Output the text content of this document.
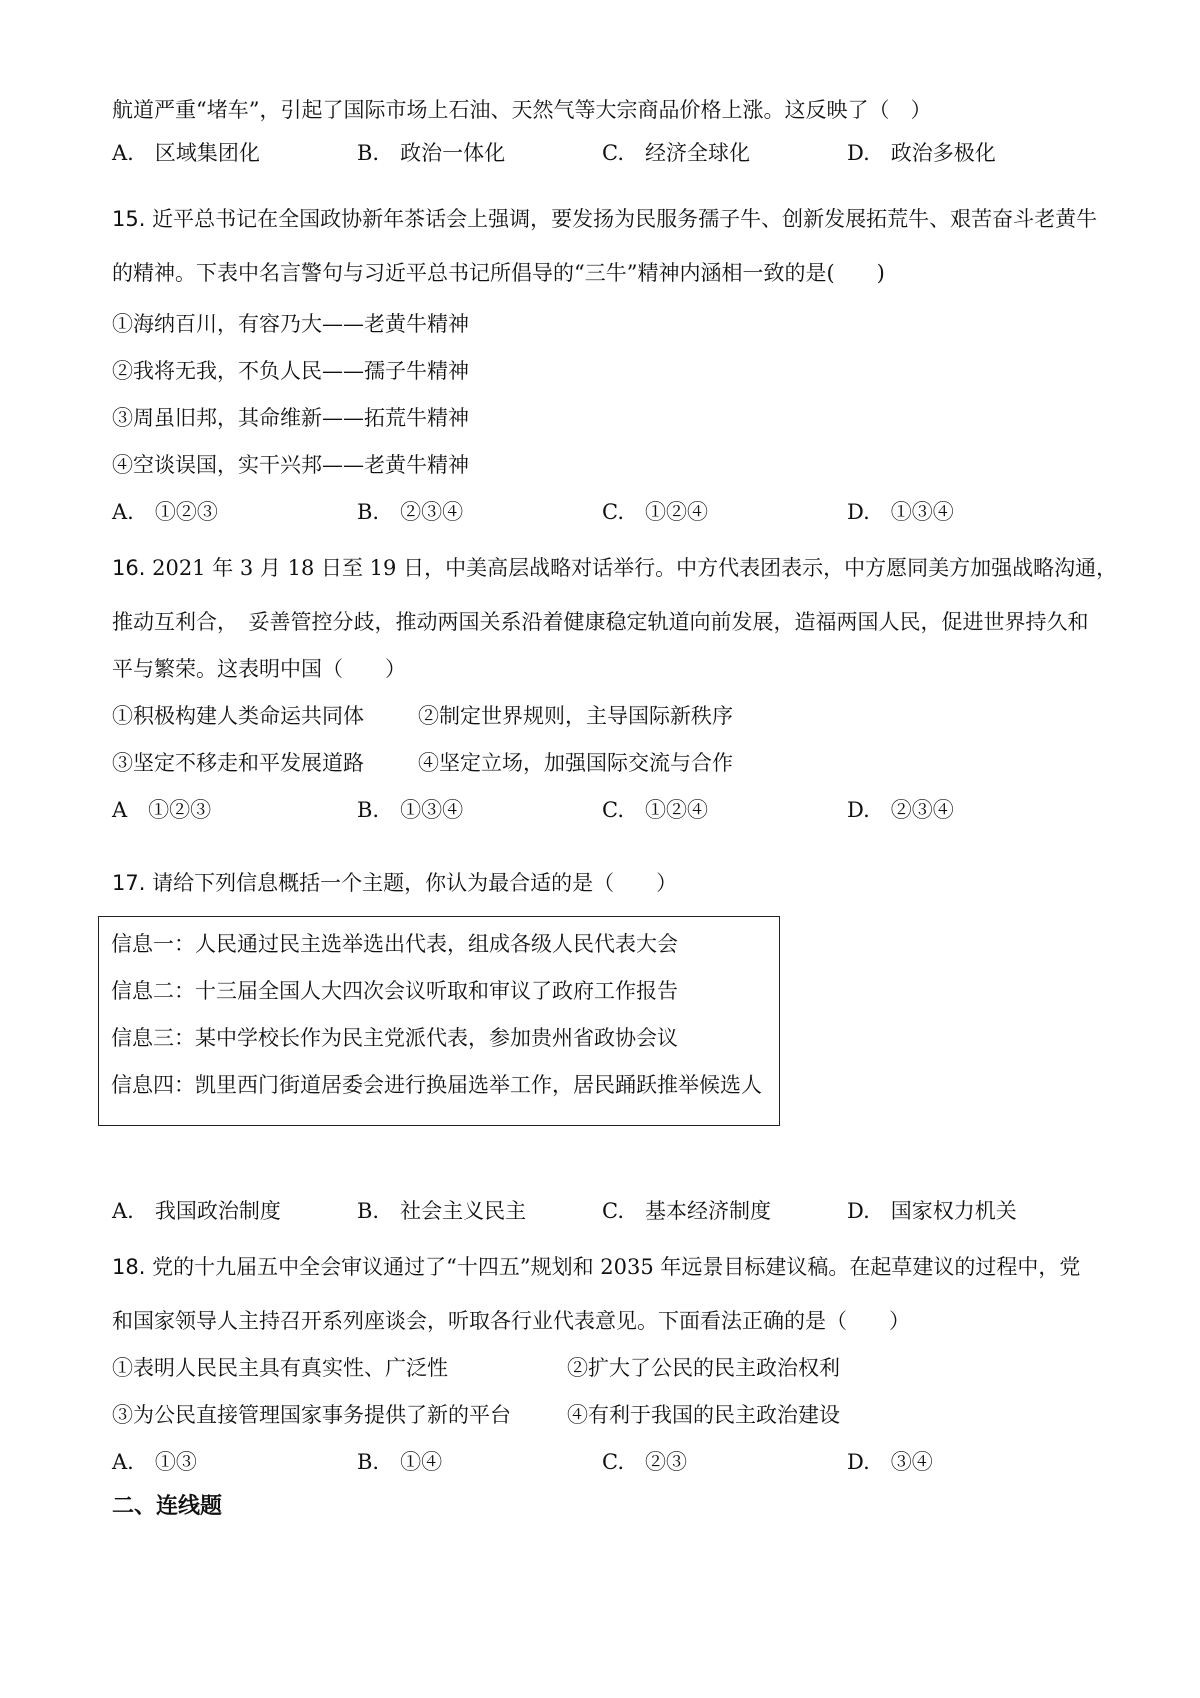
航道严重“堵车”，引起了国际市场上石油、天然气等大宗商品价格上涨。这反映了（　）
A.　区域集团化	B.　政治一体化	C.　经济全球化	D.　政治多极化
15. 近平总书记在全国政协新年茶话会上强调，要发扬为民服务孺子牛、创新发展拓荒牛、艰苦奋斗老黄牛
的精神。下表中名言警句与习近平总书记所倡导的“三牛”精神内涵相一致的是(　　)
①海纳百川，有容乃大——老黄牛精神
②我将无我，不负人民——孺子牛精神
③周虽旧邦，其命维新——拓荒牛精神
④空谈误国，实干兴邦——老黄牛精神
A.　①②③	B.　②③④	C.　①②④	D.　①③④
16. 2021 年 3 月 18 日至 19 日，中美高层战略对话举行。中方代表团表示，中方愿同美方加强战略沟通，
推动互利合，　妥善管控分歧，推动两国关系沿着健康稳定轨道向前发展，造福两国人民，促进世界持久和
平与繁荣。这表明中国（　　）
①积极构建人类命运共同体	②制定世界规则，主导国际新秩序
③坚定不移走和平发展道路	④坚定立场，加强国际交流与合作
A　①②③	B.　①③④	C.　①②④	D.　②③④
17. 请给下列信息概括一个主题，你认为最合适的是（　　）
信息一：人民通过民主选举选出代表，组成各级人民代表大会
信息二：十三届全国人大四次会议听取和审议了政府工作报告
信息三：某中学校长作为民主党派代表，参加贵州省政协会议
信息四：凯里西门街道居委会进行换届选举工作，居民踊跃推举候选人
A.　我国政治制度	B.　社会主义民主	C.　基本经济制度	D.　国家权力机关
18. 党的十九届五中全会审议通过了“十四五”规划和 2035 年远景目标建议稿。在起草建议的过程中，党
和国家领导人主持召开系列座谈会，听取各行业代表意见。下面看法正确的是（　　）
①表明人民民主具有真实性、广泛性	②扩大了公民的民主政治权利
③为公民直接管理国家事务提供了新的平台	④有利于我国的民主政治建设
A.　①③	B.　①④	C.　②③	D.　③④
二、连线题
